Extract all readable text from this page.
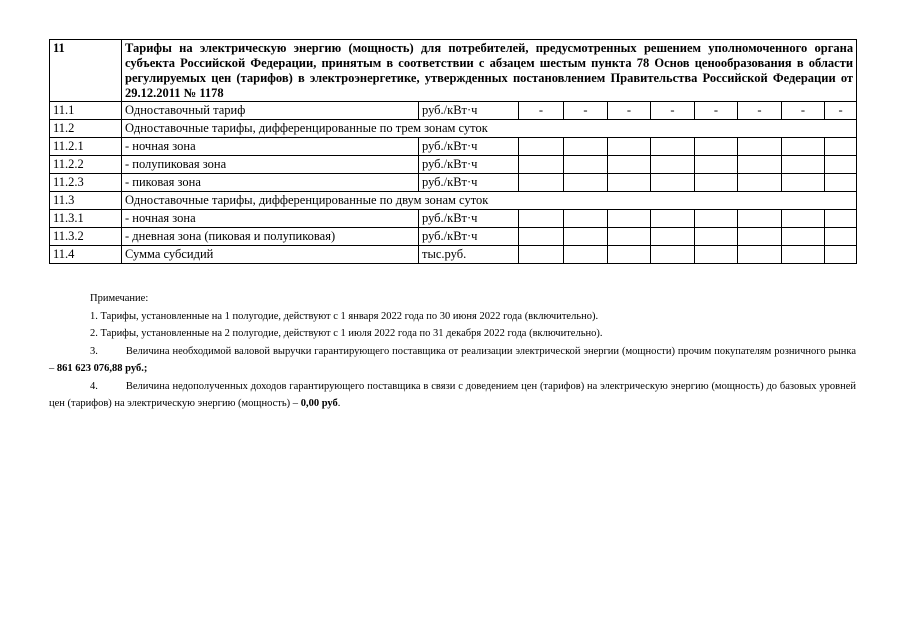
11	Тарифы на электрическую энергию (мощность) для потребителей, предусмотренных решением уполномоченного органа субъекта Российской Федерации, принятым в соответствии с абзацем шестым пункта 78 Основ ценообразования в области регулируемых цен (тарифов) в электроэнергетике, утвержденных постановлением Правительства Российской Федерации от 29.12.2011 № 1178									
11.1	Одноставочный тариф	руб./кВт·ч	-	-	-	-	-	-	-	-
11.2	Одноставочные тарифы, дифференцированные по трем зонам суток									
11.2.1	- ночная зона	руб./кВт·ч								
11.2.2	- полупиковая зона	руб./кВт·ч								
11.2.3	- пиковая зона	руб./кВт·ч								
11.3	Одноставочные тарифы, дифференцированные по двум зонам суток									
11.3.1	- ночная зона	руб./кВт·ч								
11.3.2	- дневная зона (пиковая и полупиковая)	руб./кВт·ч								
11.4	Сумма субсидий	тыс.руб.								

Примечание:

1. Тарифы, установленные на 1 полугодие, действуют с 1 января 2022 года по 30 июня 2022 года (включительно).

2. Тарифы, установленные на 2 полугодие, действуют с 1 июля 2022 года по 31 декабря 2022 года (включительно).

3.	Величина необходимой валовой выручки гарантирующего поставщика от реализации электрической энергии (мощности) прочим покупателям розничного рынка – 861 623 076,88 руб.;

4.	Величина недополученных доходов гарантирующего поставщика в связи с доведением цен (тарифов) на электрическую энергию (мощность) до базовых уровней цен (тарифов) на электрическую энергию (мощность) – 0,00 руб.
